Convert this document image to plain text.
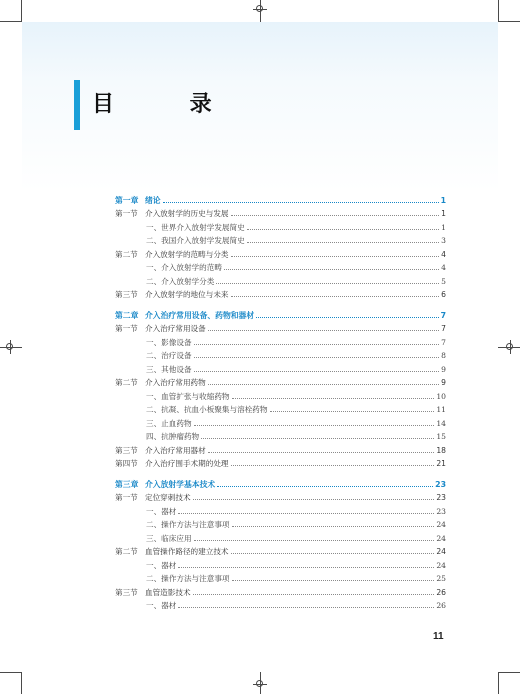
目 录
第一章 绪论	1
第一节 介入放射学的历史与发展	1
一、世界介入放射学发展简史	1
二、我国介入放射学发展简史	3
第二节 介入放射学的范畴与分类	4
一、介入放射学的范畴	4
二、介入放射学分类	5
第三节 介入放射学的地位与未来	6
第二章 介入治疗常用设备、药物和器材	7
第一节 介入治疗常用设备	7
一、影像设备	7
二、治疗设备	8
三、其他设备	9
第二节 介入治疗常用药物	9
一、血管扩张与收缩药物	10
二、抗凝、抗血小板聚集与溶栓药物	11
三、止血药物	14
四、抗肿瘤药物	15
第三节 介入治疗常用器材	18
第四节 介入治疗围手术期的处理	21
第三章 介入放射学基本技术	23
第一节 定位穿刺技术	23
一、器材	23
二、操作方法与注意事项	24
三、临床应用	24
第二节 血管操作路径的建立技术	24
一、器材	24
二、操作方法与注意事项	25
第三节 血管造影技术	26
一、器材	26
11
